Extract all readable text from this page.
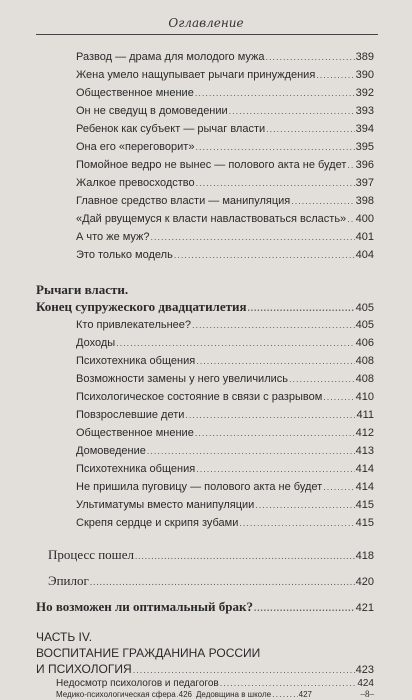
Оглавление
Развод — драма для молодого мужа .....	389
Жена умело нащупывает рычаги принуждения .....	390
Общественное мнение .....	392
Он не сведущ в домоведении .....	393
Ребенок как субъект — рычаг власти .....	394
Она его «переговорит» .....	395
Помойное ведро не вынес — полового акта не будет ..... 396
Жалкое превосходство .....	397
Главное средство власти — манипуляция .....	398
«Дай рвущемуся к власти навластвоваться всласть» ..... 400
А что же муж? .....	401
Это только модель .....	404
Рычаги власти.
Конец супружеского двадцатилетия .....	405
Кто привлекательнее? .....	405
Доходы .....	406
Психотехника общения .....	408
Возможности замены у него увеличились .....	408
Психологическое состояние в связи с разрывом .....	410
Повзрослевшие дети .....	411
Общественное мнение .....	412
Домоведение .....	413
Психотехника общения .....	414
Не пришила пуговицу — полового акта не будет .....	414
Ультиматумы вместо манипуляции .....	415
Скрепя сердце и скрипя зубами .....	415
Процесс пошел .....	418
Эпилог .....	420
Но возможен ли оптимальный брак? .....	421
ЧАСТЬ IV.
ВОСПИТАНИЕ ГРАЖДАНИНА РОССИИ
И ПСИХОЛОГИЯ .....	423
Недосмотр психологов и педагогов .....	424
Медико-психологическая сфера ..... 426 Дедовщина в школе .....	427	–8–
